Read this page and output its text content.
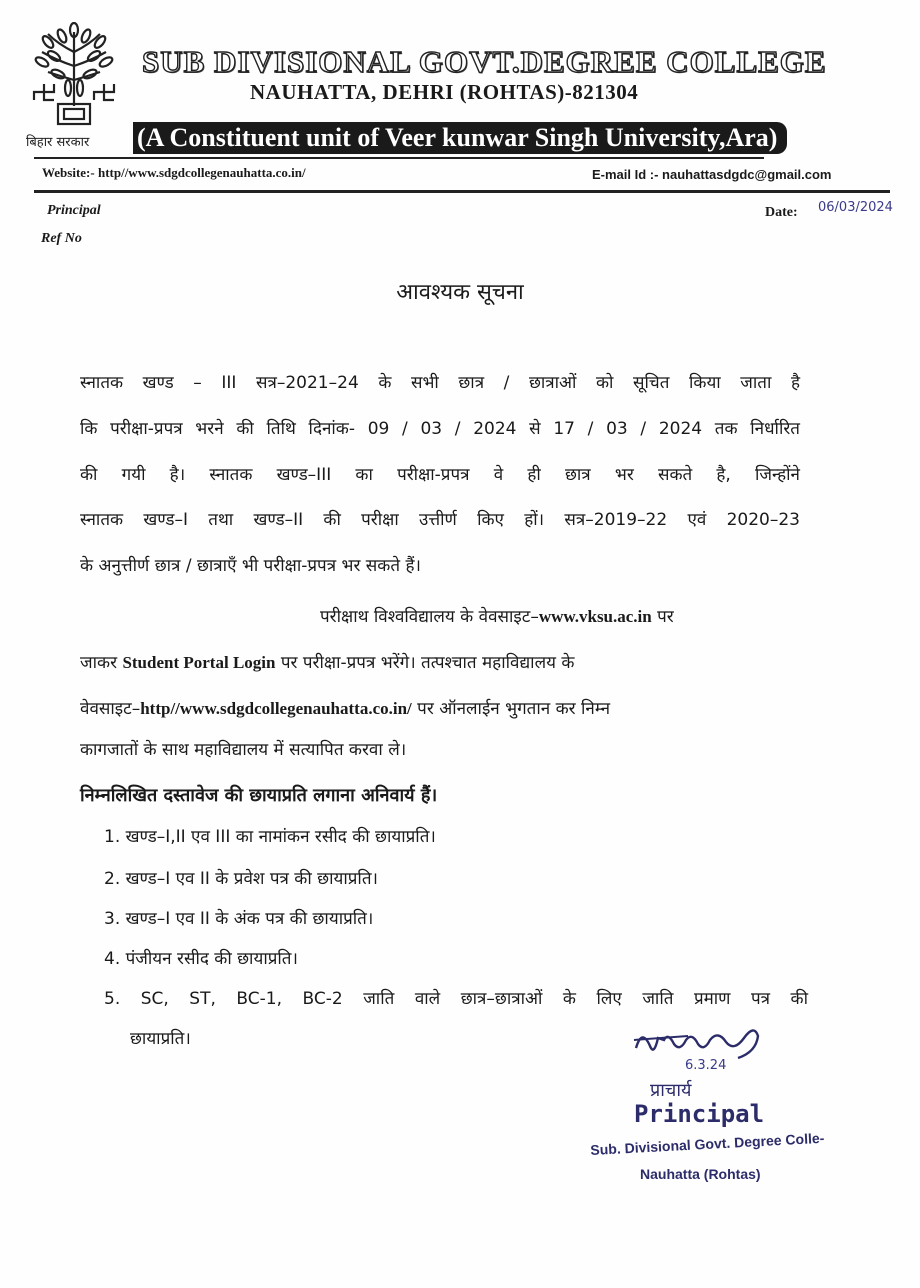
बिहार सरकार
SUB DIVISIONAL GOVT.DEGREE COLLEGE
NAUHATTA, DEHRI (ROHTAS)-821304
(A Constituent unit of Veer kunwar Singh University,Ara)
Website:- http//www.sdgdcollegenauhatta.co.in/	E-mail Id :- nauhattasdgdc@gmail.com
Principal
Ref No
Date: 06/03/2024
आवश्यक सूचना
स्नातक खण्ड – III सत्र–2021–24 के सभी छात्र / छात्राओं को सूचित किया जाता है
कि परीक्षा-प्रपत्र भरने की तिथि दिनांक- 09 / 03 / 2024 से 17 / 03 / 2024 तक निर्धारित
की गयी है। स्नातक खण्ड–III का परीक्षा-प्रपत्र वे ही छात्र भर सकते है, जिन्होंने
स्नातक खण्ड–I तथा खण्ड–II की परीक्षा उत्तीर्ण किए हों। सत्र–2019–22 एवं 2020–23
के अनुत्तीर्ण छात्र / छात्राएँ भी परीक्षा-प्रपत्र भर सकते हैं।
परीक्षाथ विश्वविद्यालय के वेवसाइट–www.vksu.ac.in पर
जाकर Student Portal Login पर परीक्षा-प्रपत्र भरेंगे। तत्पश्चात महाविद्यालय के
वेवसाइट–http//www.sdgdcollegenauhatta.co.in/ पर ऑनलाईन भुगतान कर निम्न
कागजातों के साथ महाविद्यालय में सत्यापित करवा ले।
निम्नलिखित दस्तावेज की छायाप्रति लगाना अनिवार्य हैं।
1. खण्ड–I,II एव III का नामांकन रसीद की छायाप्रति।
2. खण्ड–I एव II के प्रवेश पत्र की छायाप्रति।
3. खण्ड–I एव II के अंक पत्र की छायाप्रति।
4. पंजीयन रसीद की छायाप्रति।
5. SC, ST, BC-1, BC-2 जाति वाले छात्र–छात्राओं के लिए जाति प्रमाण पत्र की
छायाप्रति।
6.3.24
प्राचार्य
Principal
Sub. Divisional Govt. Degree Colle-
Nauhatta (Rohtas)
